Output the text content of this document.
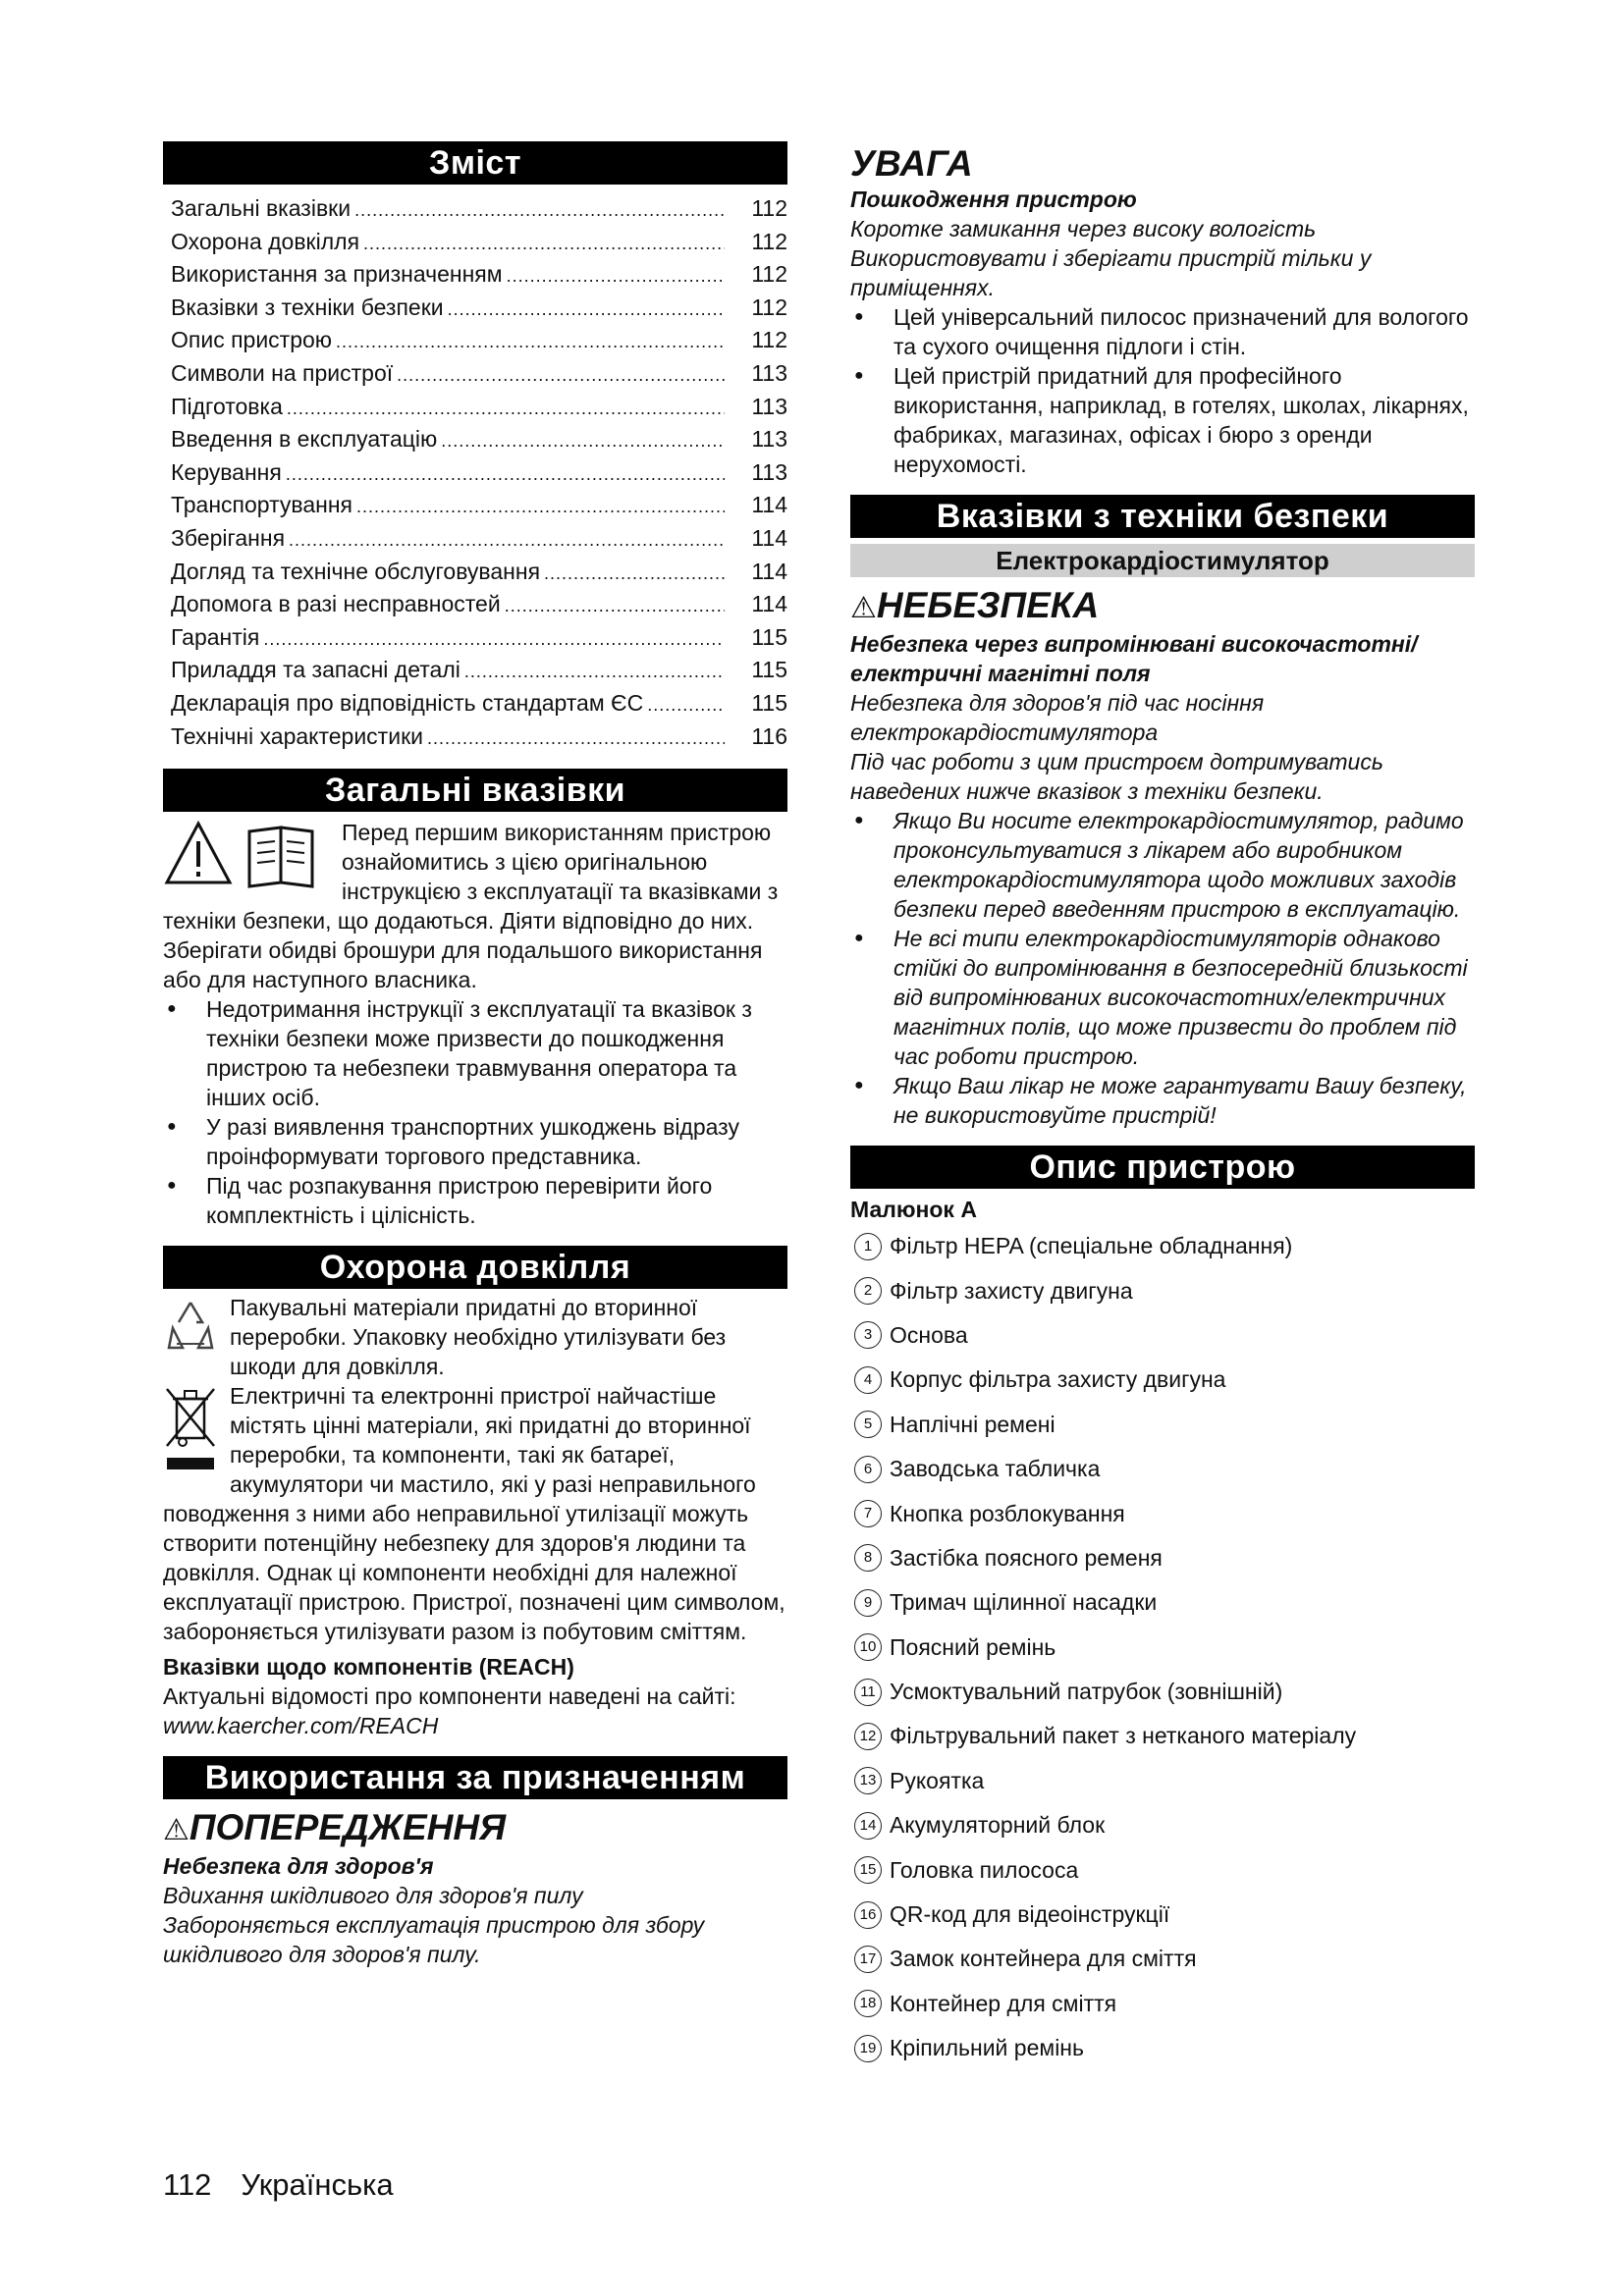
Зміст
Загальні вказівки .....	112
Охорона довкілля .....	112
Використання за призначенням .....	112
Вказівки з техніки безпеки .....	112
Опис пристрою .....	112
Символи на пристрої .....	113
Підготовка .....	113
Введення в експлуатацію .....	113
Керування .....	113
Транспортування .....	114
Зберігання .....	114
Догляд та технічне обслуговування .....	114
Допомога в разі несправностей .....	114
Гарантія .....	115
Приладдя та запасні деталі .....	115
Декларація про відповідність стандартам ЄС .....	115
Технічні характеристики .....	116
Загальні вказівки

Перед першим використанням пристрою ознайомитись з цією оригінальною інструкцією з експлуатації та вказівками з техніки безпеки, що додаються. Діяти відповідно до них.

Зберігати обидві брошури для подальшого використання або для наступного власника.

● Недотримання інструкції з експлуатації та вказівок з техніки безпеки може призвести до пошкодження пристрою та небезпеки травмування оператора та інших осіб.
● У разі виявлення транспортних ушкоджень відразу проінформувати торгового представника.
● Під час розпакування пристрою перевірити його комплектність і цілісність.
Охорона довкілля

Пакувальні матеріали придатні до вторинної переробки. Упаковку необхідно утилізувати без шкоди для довкілля.

Електричні та електронні пристрої найчастіше містять цінні матеріали, які придатні до вторинної переробки, та компоненти, такі як батареї, акумулятори чи мастило, які у разі неправильного поводження з ними або неправильної утилізації можуть створити потенційну небезпеку для здоров'я людини та довкілля. Однак ці компоненти необхідні для належної експлуатації пристрою. Пристрої, позначені цим символом, забороняється утилізувати разом із побутовим сміттям.

Вказівки щодо компонентів (REACH)

Актуальні відомості про компоненти наведені на сайті: www.kaercher.com/REACH

Використання за призначенням
⚠ПОПЕРЕДЖЕННЯ

Небезпека для здоров'я

Вдихання шкідливого для здоров'я пилу

Забороняється експлуатація пристрою для збору шкідливого для здоров'я пилу.

УВАГА

Пошкодження пристрою

Коротке замикання через високу вологість Використовувати і зберігати пристрій тільки у приміщеннях.

● Цей універсальний пилосос призначений для вологого та сухого очищення підлоги і стін.
● Цей пристрій придатний для професійного використання, наприклад, в готелях, школах, лікарнях, фабриках, магазинах, офісах і бюро з оренди нерухомості.
Вказівки з техніки безпеки
Електрокардіостимулятор
⚠НЕБЕЗПЕКА

Небезпека через випромінювані високочастотні/електричні магнітні поля

Небезпека для здоров'я під час носіння електрокардіостимулятора

Під час роботи з цим пристроєм дотримуватись наведених нижче вказівок з техніки безпеки.

● Якщо Ви носите електрокардіостимулятор, радимо проконсультуватися з лікарем або виробником електрокардіостимулятора щодо можливих заходів безпеки перед введенням пристрою в експлуатацію.
● Не всі типи електрокардіостимуляторів однаково стійкі до випромінювання в безпосередній близькості від випромінюваних високочастотних/електричних магнітних полів, що може призвести до проблем під час роботи пристрою.
● Якщо Ваш лікар не може гарантувати Вашу безпеку, не використовуйте пристрій!
Опис пристрою

Малюнок A

1 Фільтр HEPA (спеціальне обладнання)
2 Фільтр захисту двигуна
3 Основа
4 Корпус фільтра захисту двигуна
5 Наплічні ремені
6 Заводська табличка
7 Кнопка розблокування
8 Застібка поясного ременя
9 Тримач щілинної насадки
10 Поясний ремінь
11 Усмоктувальний патрубок (зовнішній)
12 Фільтрувальний пакет з нетканого матеріалу
13 Рукоятка
14 Акумуляторний блок
15 Головка пилососа
16 QR-код для відеоінструкції
17 Замок контейнера для сміття
18 Контейнер для сміття
19 Кріпильний ремінь
112 Українська
